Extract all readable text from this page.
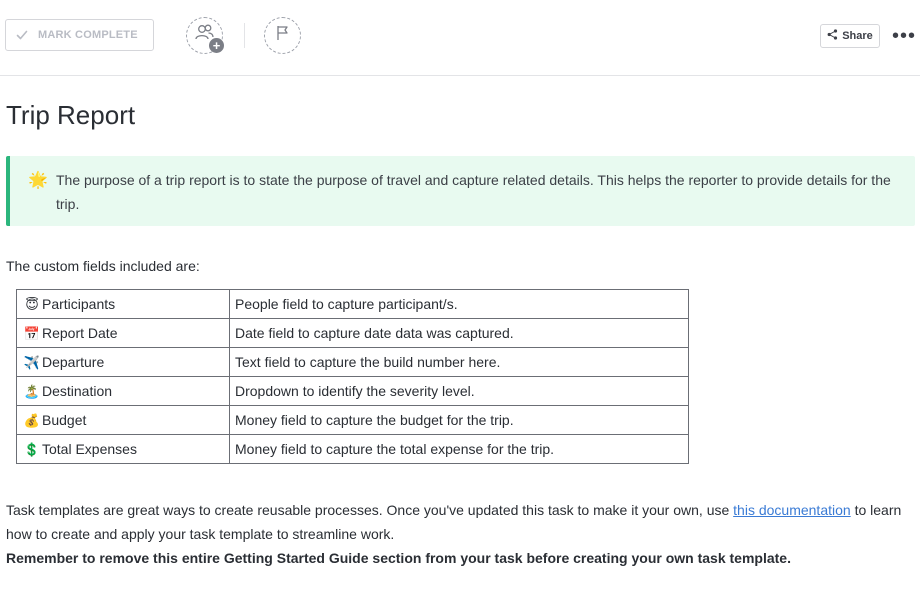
MARK COMPLETE
+
Share •••
Trip Report
🌟 The purpose of a trip report is to state the purpose of travel and capture related details. This helps the reporter to provide details for the trip.
The custom fields included are:
😇 Participants	People field to capture participant/s.
📅 Report Date	Date field to capture date data was captured.
✈️ Departure	Text field to capture the build number here.
🏝️ Destination	Dropdown to identify the severity level.
💰 Budget	Money field to capture the budget for the trip.
💲 Total Expenses	Money field to capture the total expense for the trip.

Task templates are great ways to create reusable processes. Once you've updated this task to make it your own, use this documentation to learn how to create and apply your task template to streamline work.

Remember to remove this entire Getting Started Guide section from your task before creating your own task template.
